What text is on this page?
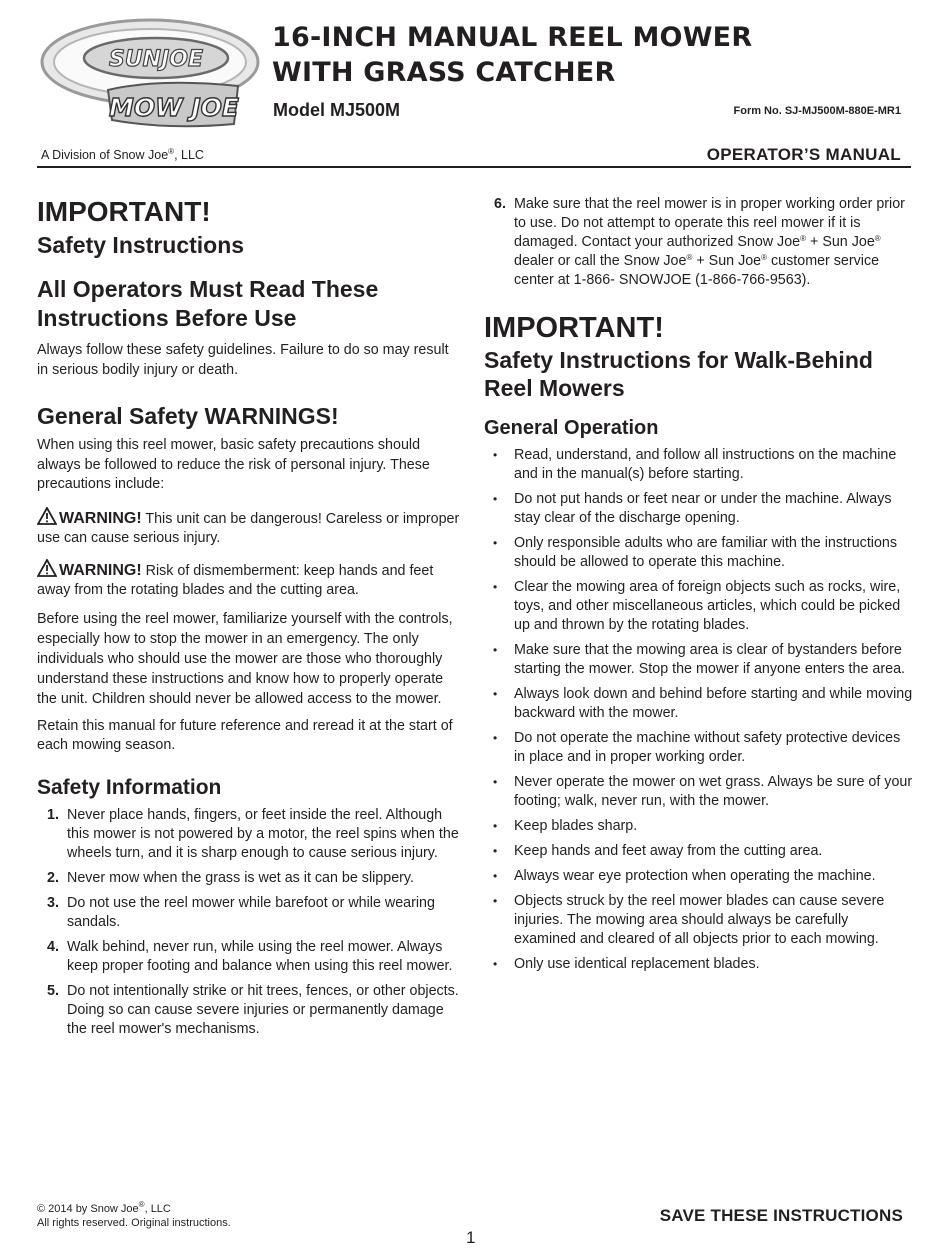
SUNJOE
MOW JOE
16-INCH MANUAL REEL MOWER
WITH GRASS CATCHER
Model MJ500M	Form No. SJ-MJ500M-880E-MR1
A Division of Snow Joe®, LLC	OPERATOR’S MANUAL
IMPORTANT!
Safety Instructions
All Operators Must Read These Instructions Before Use

Always follow these safety guidelines. Failure to do so may result in serious bodily injury or death.

General Safety WARNINGS!

When using this reel mower, basic safety precautions should always be followed to reduce the risk of personal injury. These precautions include:

WARNING! This unit can be dangerous! Careless or improper use can cause serious injury.

WARNING! Risk of dismemberment: keep hands and feet away from the rotating blades and the cutting area.

Before using the reel mower, familiarize yourself with the controls, especially how to stop the mower in an emergency. The only individuals who should use the mower are those who thoroughly understand these instructions and know how to properly operate the unit. Children should never be allowed access to the mower.

Retain this manual for future reference and reread it at the start of each mowing season.

Safety Information
1. Never place hands, fingers, or feet inside the reel. Although this mower is not powered by a motor, the reel spins when the wheels turn, and it is sharp enough to cause serious injury.
2. Never mow when the grass is wet as it can be slippery.
3. Do not use the reel mower while barefoot or while wearing sandals.
4. Walk behind, never run, while using the reel mower. Always keep proper footing and balance when using this reel mower.
5. Do not intentionally strike or hit trees, fences, or other objects. Doing so can cause severe injuries or permanently damage the reel mower's mechanisms.
6. Make sure that the reel mower is in proper working order prior to use. Do not attempt to operate this reel mower if it is damaged. Contact your authorized Snow Joe® + Sun Joe® dealer or call the Snow Joe® + Sun Joe® customer service center at 1-866- SNOWJOE (1-866-766-9563).
IMPORTANT!
Safety Instructions for Walk-Behind Reel Mowers
General Operation
• Read, understand, and follow all instructions on the machine and in the manual(s) before starting.
• Do not put hands or feet near or under the machine. Always stay clear of the discharge opening.
• Only responsible adults who are familiar with the instructions should be allowed to operate this machine.
• Clear the mowing area of foreign objects such as rocks, wire, toys, and other miscellaneous articles, which could be picked up and thrown by the rotating blades.
• Make sure that the mowing area is clear of bystanders before starting the mower. Stop the mower if anyone enters the area.
• Always look down and behind before starting and while moving backward with the mower.
• Do not operate the machine without safety protective devices in place and in proper working order.
• Never operate the mower on wet grass. Always be sure of your footing; walk, never run, with the mower.
• Keep blades sharp.
• Keep hands and feet away from the cutting area.
• Always wear eye protection when operating the machine.
• Objects struck by the reel mower blades can cause severe injuries. The mowing area should always be carefully examined and cleared of all objects prior to each mowing.
• Only use identical replacement blades.
© 2014 by Snow Joe®, LLC
All rights reserved. Original instructions.	SAVE THESE INSTRUCTIONS
1
